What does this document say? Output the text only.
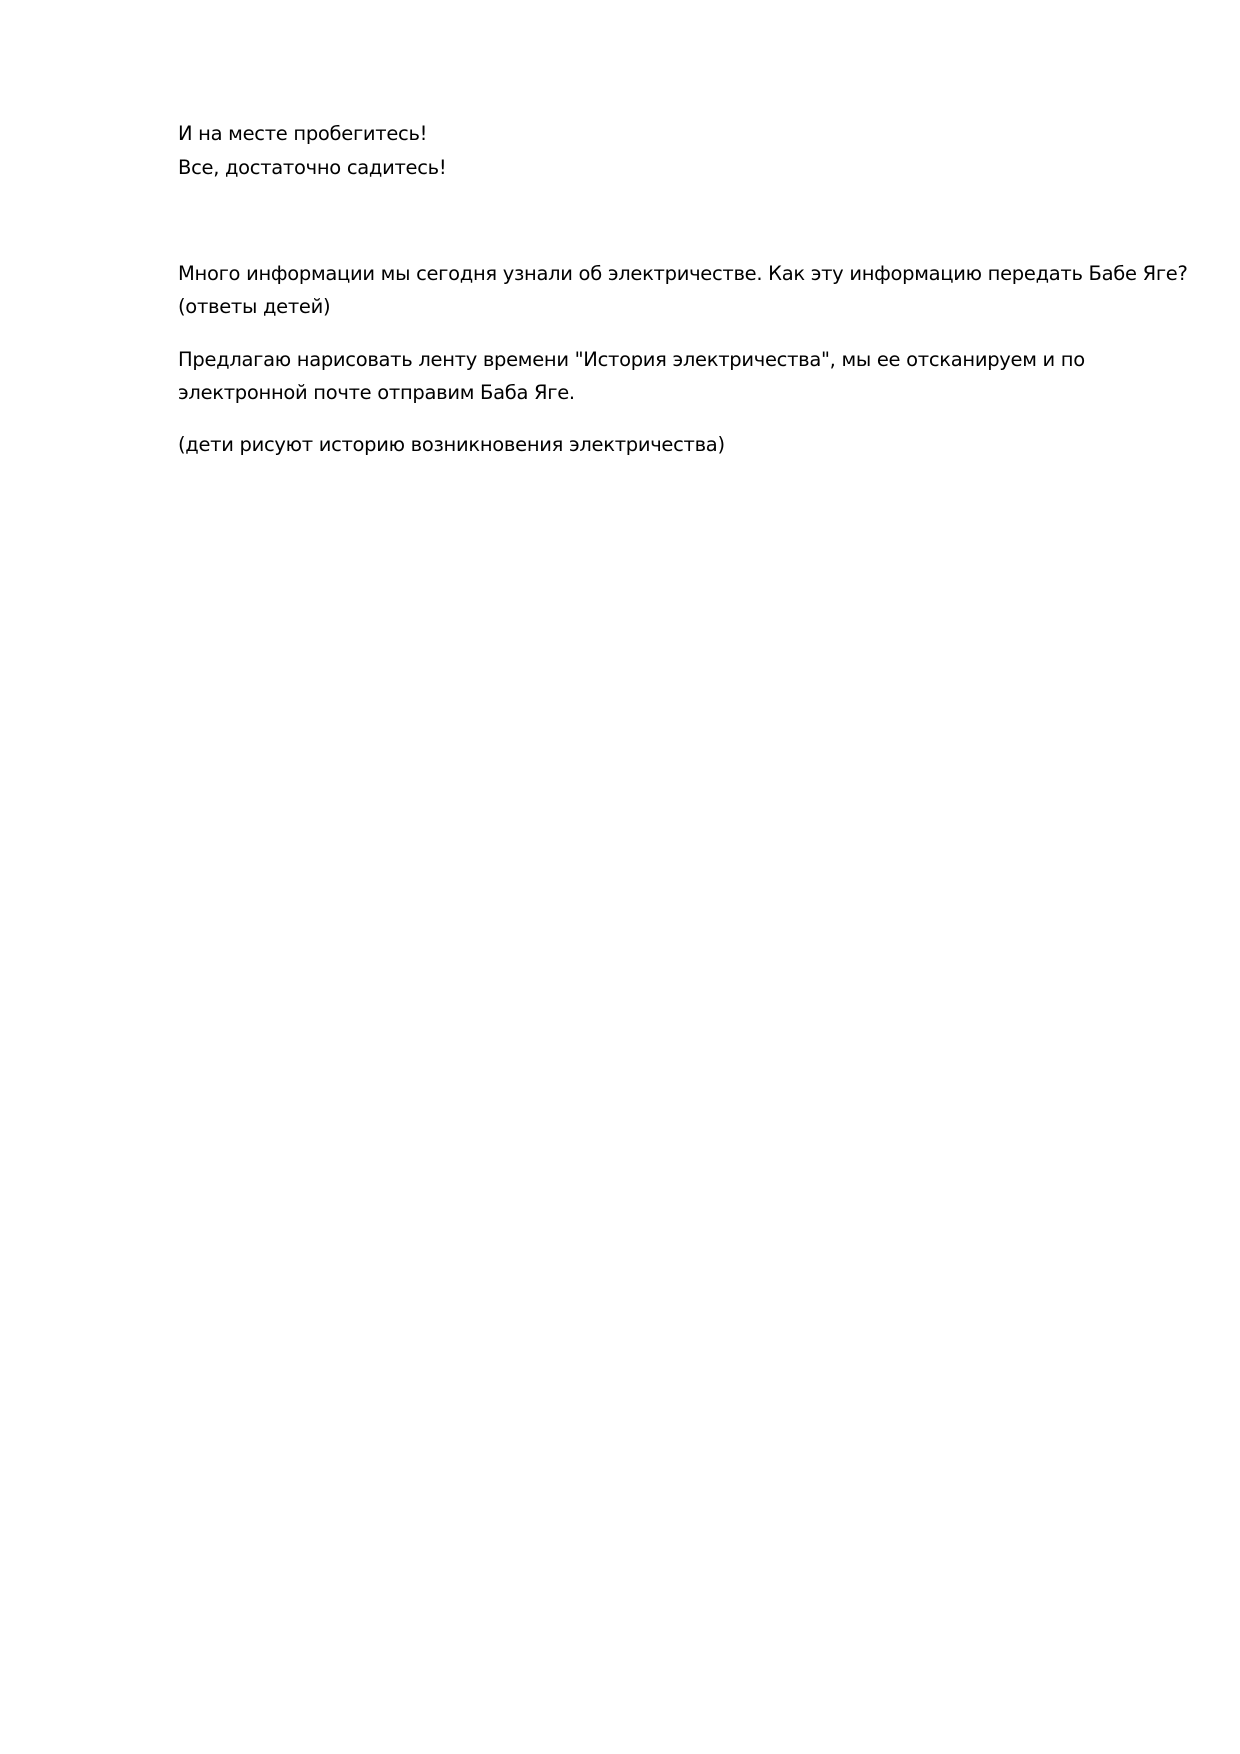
И на месте пробегитесь!

Все, достаточно садитесь!

Много информации мы сегодня узнали об электричестве. Как эту информацию передать Бабе Яге?

(ответы детей)

Предлагаю нарисовать ленту времени "История электричества", мы ее отсканируем и по

электронной почте отправим Баба Яге.

(дети рисуют историю возникновения электричества)
